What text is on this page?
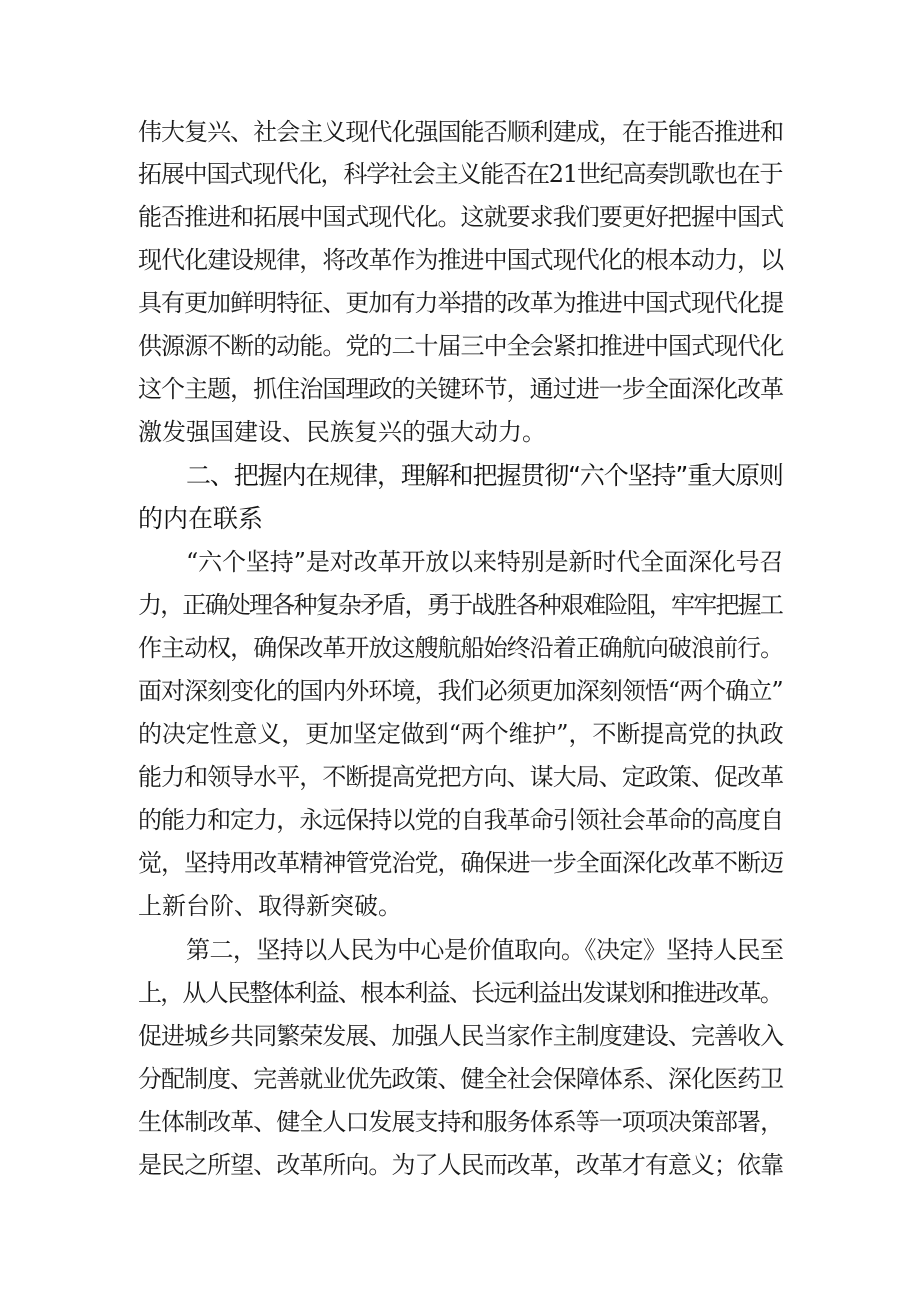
伟大复兴、社会主义现代化强国能否顺利建成，在于能否推进和
拓展中国式现代化，科学社会主义能否在21世纪高奏凯歌也在于
能否推进和拓展中国式现代化。这就要求我们要更好把握中国式
现代化建设规律，将改革作为推进中国式现代化的根本动力，以
具有更加鲜明特征、更加有力举措的改革为推进中国式现代化提
供源源不断的动能。党的二十届三中全会紧扣推进中国式现代化
这个主题，抓住治国理政的关键环节，通过进一步全面深化改革
激发强国建设、民族复兴的强大动力。
二、把握内在规律，理解和把握贯彻“六个坚持”重大原则
的内在联系
“六个坚持”是对改革开放以来特别是新时代全面深化号召
力，正确处理各种复杂矛盾，勇于战胜各种艰难险阻，牢牢把握工
作主动权，确保改革开放这艘航船始终沿着正确航向破浪前行。
面对深刻变化的国内外环境，我们必须更加深刻领悟“两个确立”
的决定性意义，更加坚定做到“两个维护”，不断提高党的执政
能力和领导水平，不断提高党把方向、谋大局、定政策、促改革
的能力和定力，永远保持以党的自我革命引领社会革命的高度自
觉，坚持用改革精神管党治党，确保进一步全面深化改革不断迈
上新台阶、取得新突破。
第二，坚持以人民为中心是价值取向。《决定》坚持人民至
上，从人民整体利益、根本利益、长远利益出发谋划和推进改革。
促进城乡共同繁荣发展、加强人民当家作主制度建设、完善收入
分配制度、完善就业优先政策、健全社会保障体系、深化医药卫
生体制改革、健全人口发展支持和服务体系等一项项决策部署，
是民之所望、改革所向。为了人民而改革，改革才有意义；依靠
